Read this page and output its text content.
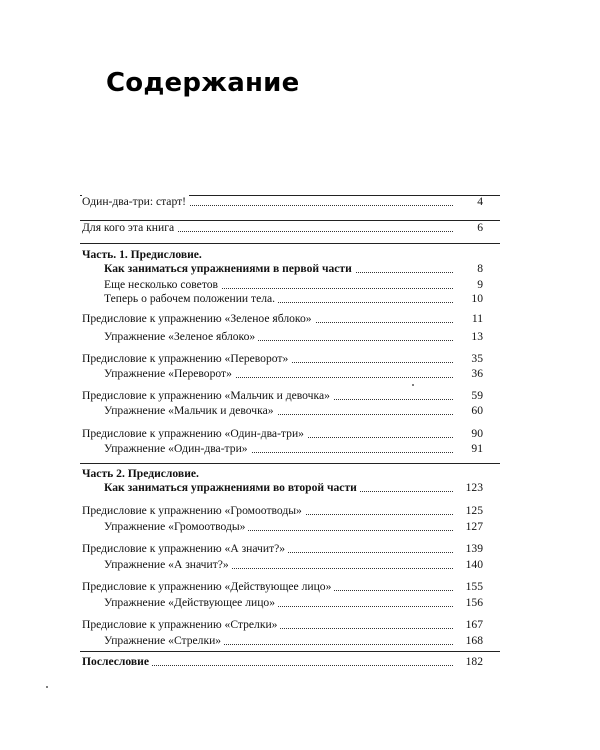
Содержание
Один-два-три: старт!	4
Для кого эта книга	6
Часть. 1. Предисловие.
Как заниматься упражнениями в первой части	8
Еще несколько советов	9
Теперь о рабочем положении тела.	10
Предисловие к упражнению «Зеленое яблоко»	11
Упражнение «Зеленое яблоко»	13
Предисловие к упражнению «Переворот»	35
Упражнение «Переворот»	36
Предисловие к упражнению «Мальчик и девочка»	59
Упражнение «Мальчик и девочка»	60
Предисловие к упражнению «Один-два-три»	90
Упражнение «Один-два-три»	91
Часть 2. Предисловие.
Как заниматься упражнениями во второй части	123
Предисловие к упражнению «Громоотводы»	125
Упражнение «Громоотводы»	127
Предисловие к упражнению «А значит?»	139
Упражнение «А значит?»	140
Предисловие к упражнению «Действующее лицо»	155
Упражнение «Действующее лицо»	156
Предисловие к упражнению «Стрелки»	167
Упражнение «Стрелки»	168
Послесловие	182
